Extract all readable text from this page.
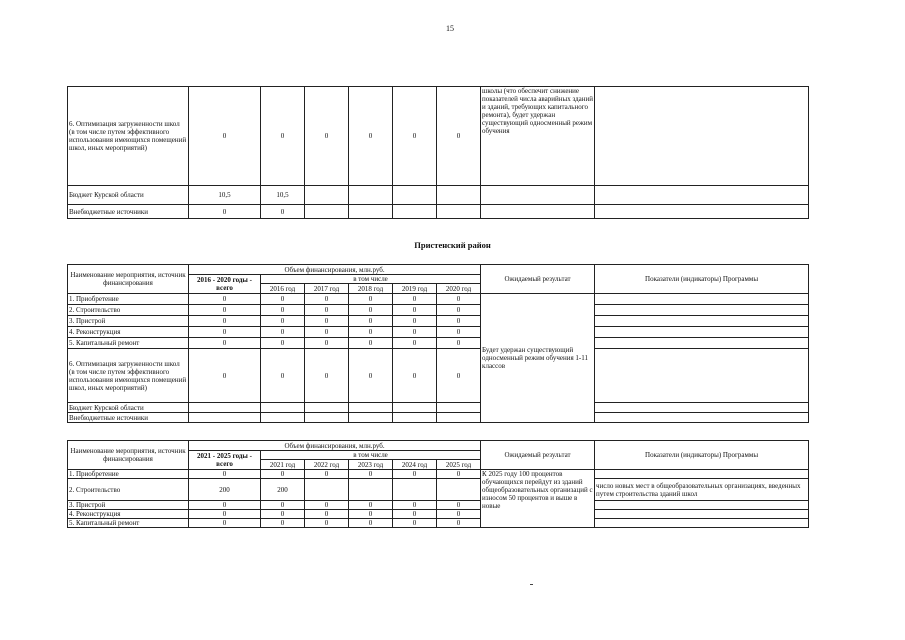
15
6. Оптимизация загруженности школ (в том числе путем эффективного использования имеющихся помещений школ, иных мероприятий)	0	0	0	0	0	0	школы (что обеспечит снижение показателей числа аварийных зданий и зданий, требующих капитального ремонта), будет удержан существующий односменный режим обучения	
Бюджет Курской области	10,5	10,5						
Внебюджетные источники	0	0						
Пристенский район
Наименование мероприятия, источник финансирования	Объем финансирования, млн.руб.						Ожидаемый результат	Показатели (индикаторы) Программы
	2016 - 2020 годы - всего	в том числе						
		2016 год	2017 год	2018 год	2019 год	2020 год		
1. Приобретение	0	0	0	0	0	0	Будет удержан существующий односменный режим обучения 1-11 классов	
2. Строительство	0	0	0	0	0	0		
3. Пристрой	0	0	0	0	0	0		
4. Реконструкция	0	0	0	0	0	0		
5. Капитальный ремонт	0	0	0	0	0	0		
6. Оптимизация загруженности школ (в том числе путем эффективного использования имеющихся помещений школ, иных мероприятий)	0	0	0	0	0	0		
Бюджет Курской области								
Внебюджетные источники								
Наименование мероприятия, источник финансирования	Объем финансирования, млн.руб.						Ожидаемый результат	Показатели (индикаторы) Программы
	2021 - 2025 годы - всего	в том числе						
		2021 год	2022 год	2023 год	2024 год	2025 год		
1. Приобретение	0	0	0	0	0	0	К 2025 году 100 процентов обучающихся перейдут из зданий общеобразовательных организаций с износом 50 процентов и выше в новые	
2. Строительство	200	200						число новых мест в общеобразовательных организациях, введенных путем строительства зданий школ
3. Пристрой	0	0	0	0	0	0		
4. Реконструкция	0	0	0	0	0	0		
5. Капитальный ремонт	0	0	0	0	0	0		
